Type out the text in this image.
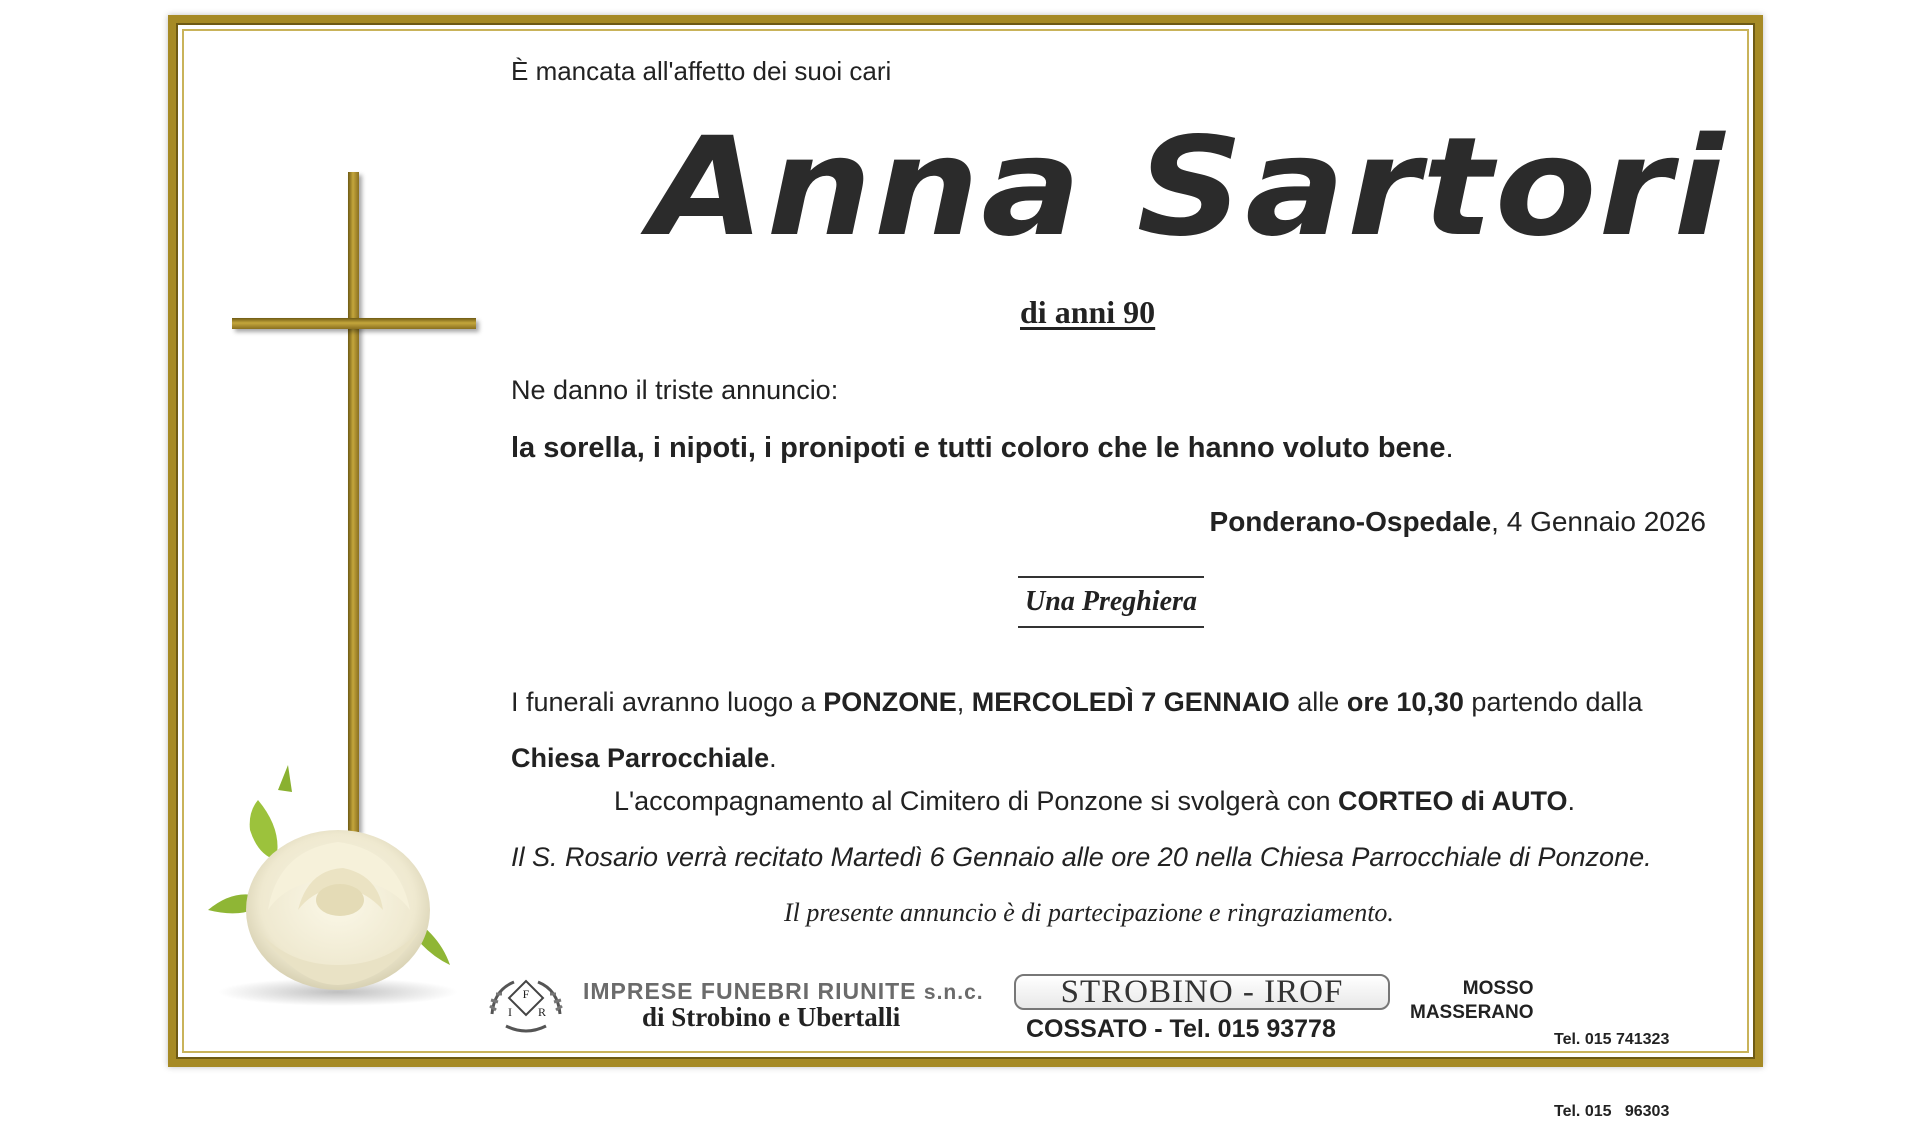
È mancata all'affetto dei suoi cari
Anna Sartori
di anni 90
Ne danno il triste annuncio:
la sorella, i nipoti, i pronipoti e tutti coloro che le hanno voluto bene.
Ponderano-Ospedale, 4 Gennaio 2026
Una Preghiera
I funerali avranno luogo a PONZONE, MERCOLEDÌ 7 GENNAIO alle ore 10,30 partendo dalla
Chiesa Parrocchiale.
L'accompagnamento al Cimitero di Ponzone si svolgerà con CORTEO di AUTO.
Il S. Rosario verrà recitato Martedì 6 Gennaio alle ore 20 nella Chiesa Parrocchiale di Ponzone.
Il presente annuncio è di partecipazione e ringraziamento.
F
I R
IMPRESE FUNEBRI RIUNITE s.n.c.
di Strobino e Ubertalli
STROBINO - IROF
COSSATO - Tel. 015 93778
MOSSO
MASSERANO

Tel. 015 741323

Tel. 015   96303
